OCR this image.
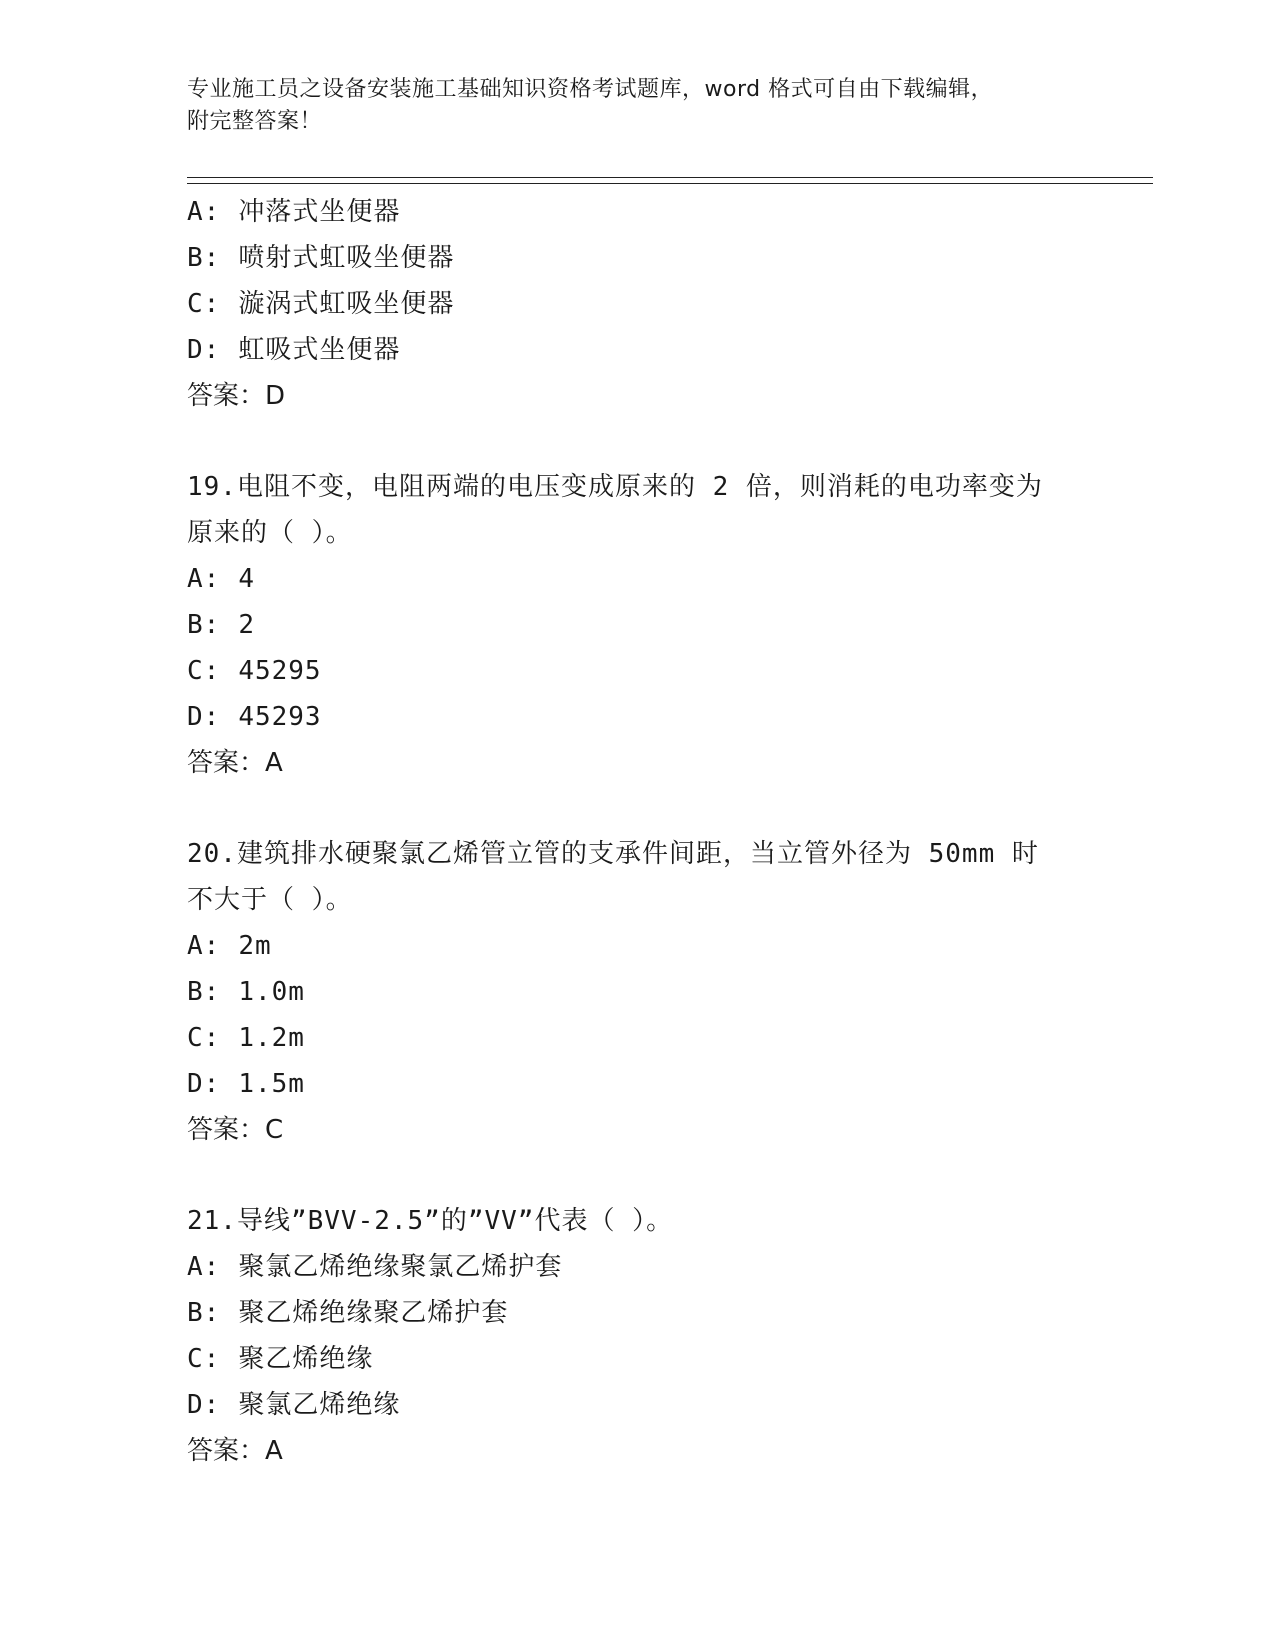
专业施工员之设备安装施工基础知识资格考试题库，word 格式可自由下载编辑，
附完整答案！
A: 冲落式坐便器
B: 喷射式虹吸坐便器
C: 漩涡式虹吸坐便器
D: 虹吸式坐便器
答案：D
19.电阻不变，电阻两端的电压变成原来的 2 倍，则消耗的电功率变为
原来的（ ）。
A: 4
B: 2
C: 45295
D: 45293
答案：A
20.建筑排水硬聚氯乙烯管立管的支承件间距，当立管外径为 50mm 时
不大于（ ）。
A: 2m
B: 1.0m
C: 1.2m
D: 1.5m
答案：C
21.导线”BVV-2.5”的”VV”代表（ ）。
A: 聚氯乙烯绝缘聚氯乙烯护套
B: 聚乙烯绝缘聚乙烯护套
C: 聚乙烯绝缘
D: 聚氯乙烯绝缘
答案：A
